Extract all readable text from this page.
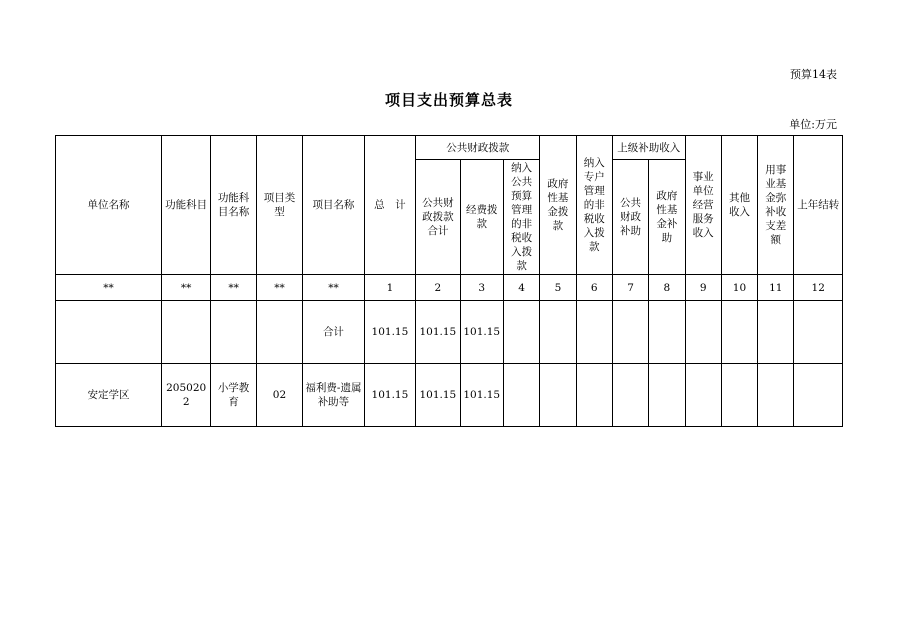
预算14表
项目支出预算总表
单位:万元
单位名称	功能科目	功能科目名称	项目类型	项目名称	总　计	公共财政拨款			政府性基金拨款	纳入专户管理的非税收入拨款	上级补助收入		事业单位经营服务收入	其他收入	用事业基金弥补收支差额	上年结转
						公共财政拨款合计	经费拨款	纳入公共预算管理的非税收入拨款			公共财政补助	政府性基金补助				
**	**	**	**	**	1	2	3	4	5	6	7	8	9	10	11	12
				合计	101.15	101.15	101.15									
安定学区	2050202	小学教育	02	福利费-遗属补助等	101.15	101.15	101.15									
